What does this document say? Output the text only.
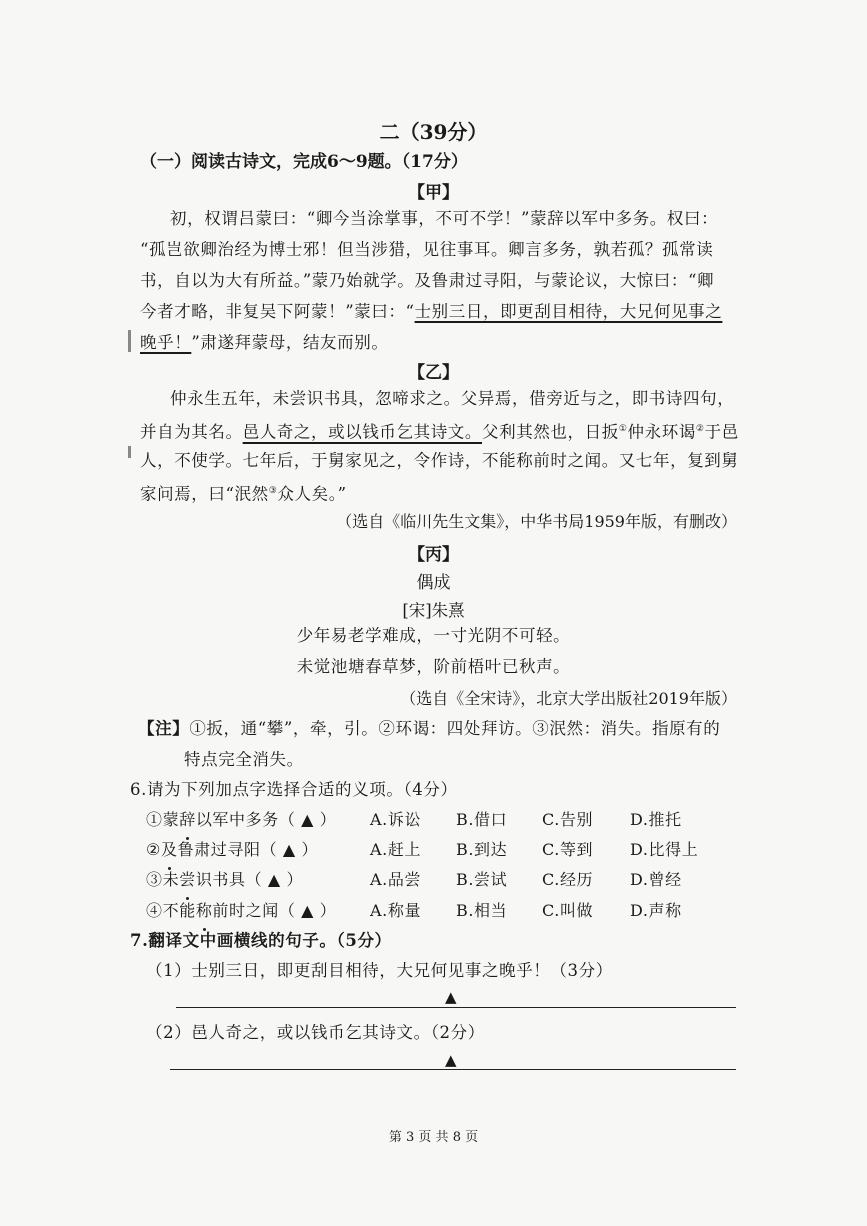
二（39分）
（一）阅读古诗文，完成6～9题。（17分）
【甲】
初，权谓吕蒙曰：“卿今当涂掌事，不可不学！”蒙辞以军中多务。权曰：
“孤岂欲卿治经为博士邪！但当涉猎，见往事耳。卿言多务，孰若孤？孤常读
书，自以为大有所益。”蒙乃始就学。及鲁肃过寻阳，与蒙论议，大惊曰：“卿
今者才略，非复吴下阿蒙！”蒙曰：“士别三日，即更刮目相待，大兄何见事之
晚乎！”肃遂拜蒙母，结友而别。
【乙】
仲永生五年，未尝识书具，忽啼求之。父异焉，借旁近与之，即书诗四句，
并自为其名。邑人奇之，或以钱币乞其诗文。父利其然也，日扳①仲永环谒②于邑
人，不使学。七年后，于舅家见之，令作诗，不能称前时之闻。又七年，复到舅
家问焉，曰“泯然③众人矣。”
（选自《临川先生文集》，中华书局1959年版，有删改）
【丙】
偶成
[宋]朱熹
少年易老学难成，一寸光阴不可轻。
未觉池塘春草梦，阶前梧叶已秋声。
（选自《全宋诗》，北京大学出版社2019年版）
【注】①扳，通“攀”，牵，引。②环谒：四处拜访。③泯然：消失。指原有的
特点完全消失。
6.请为下列加点字选择合适的义项。（4分）
①蒙辞以军中多务（ ▲ ） A.诉讼 B.借口 C.告别 D.推托
②及鲁肃过寻阳（ ▲ ）	A.赶上 B.到达 C.等到 D.比得上
③未尝识书具（ ▲ ）	A.品尝 B.尝试 C.经历 D.曾经
④不能称前时之闻（ ▲ ） A.称量 B.相当 C.叫做 D.声称
7.翻译文中画横线的句子。（5分）
（1）士别三日，即更刮目相待，大兄何见事之晚乎！（3分）
▲
（2）邑人奇之，或以钱币乞其诗文。（2分）
▲
第 3 页 共 8 页
